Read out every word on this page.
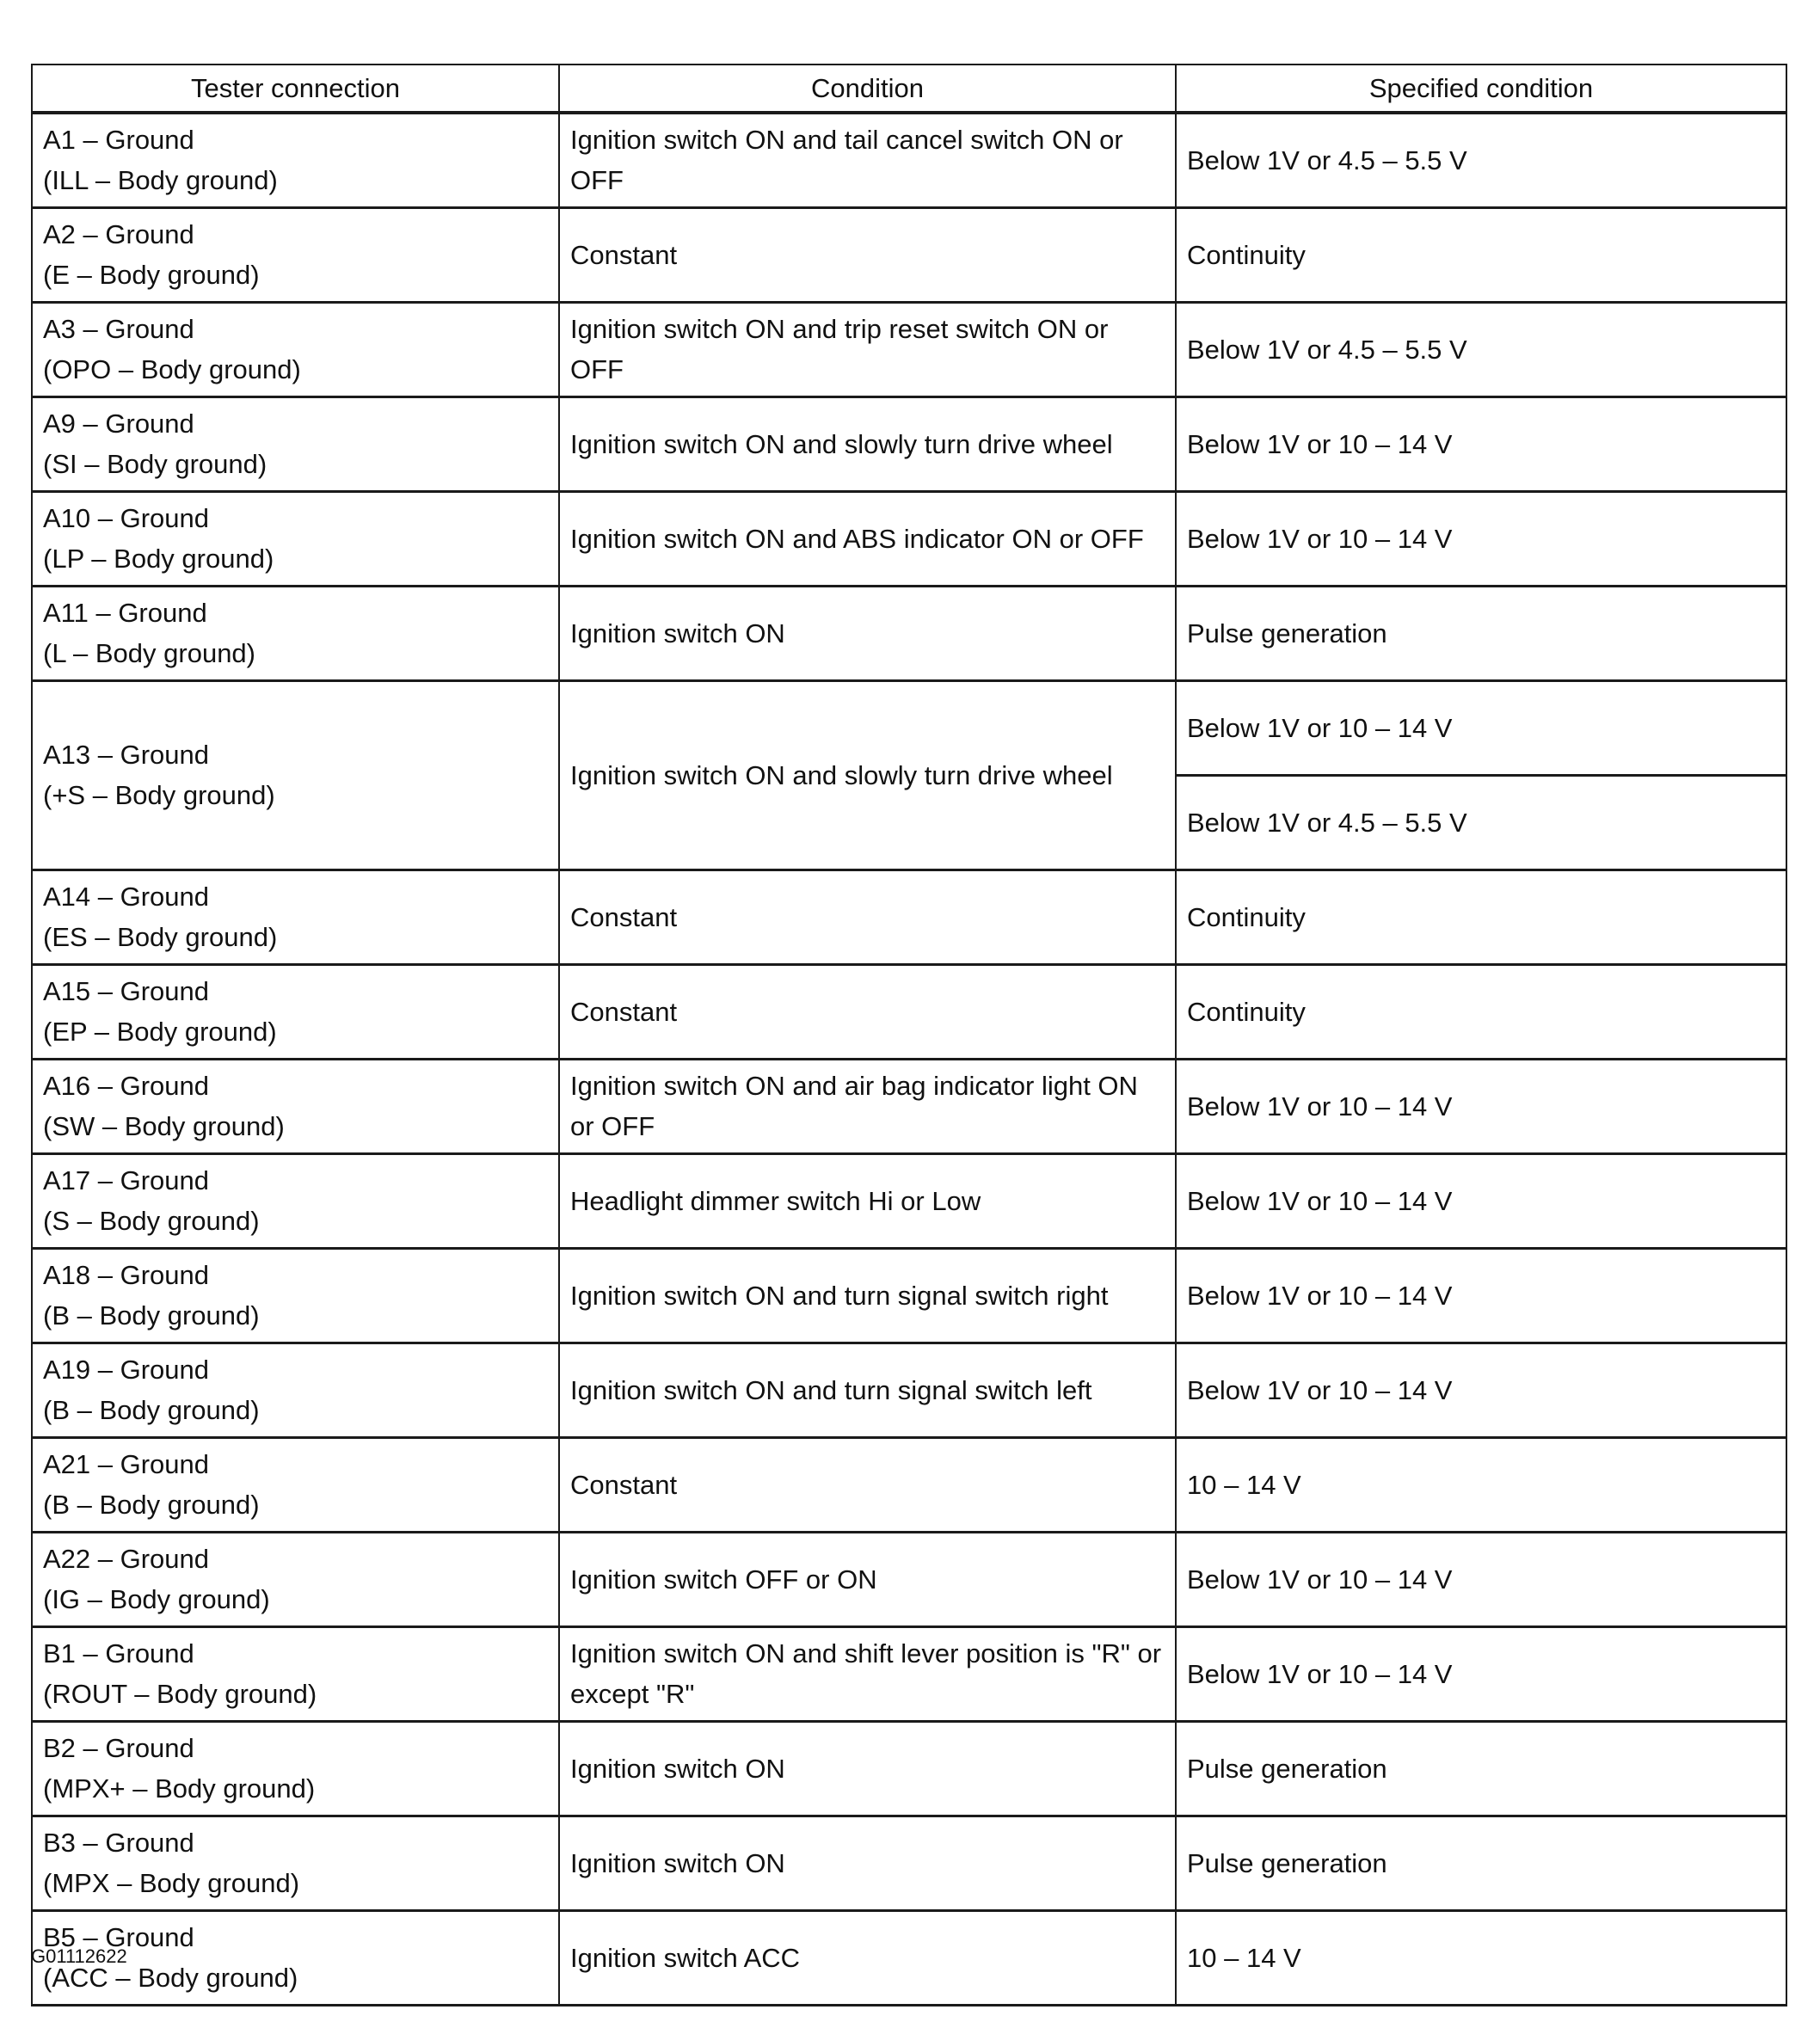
Tester connection	Condition	Specified condition

A1 – Ground
(ILL – Body ground)	Ignition switch ON and tail cancel switch ON or OFF	Below 1V or 4.5 – 5.5 V

A2 – Ground
(E – Body ground)	Constant	Continuity

A3 – Ground
(OPO – Body ground)	Ignition switch ON and trip reset switch ON or OFF	Below 1V or 4.5 – 5.5 V

A9 – Ground
(SI – Body ground)	Ignition switch ON and slowly turn drive wheel	Below 1V or 10 – 14 V

A10 – Ground
(LP – Body ground)	Ignition switch ON and ABS indicator ON or OFF	Below 1V or 10 – 14 V

A11 – Ground
(L – Body ground)	Ignition switch ON	Pulse generation

A13 – Ground
(+S – Body ground)	Ignition switch ON and slowly turn drive wheel	Below 1V or 10 – 14 V
		Below 1V or 4.5 – 5.5 V

A14 – Ground
(ES – Body ground)	Constant	Continuity

A15 – Ground
(EP – Body ground)	Constant	Continuity

A16 – Ground
(SW – Body ground)	Ignition switch ON and air bag indicator light ON or OFF	Below 1V or 10 – 14 V

A17 – Ground
(S – Body ground)	Headlight dimmer switch Hi or Low	Below 1V or 10 – 14 V

A18 – Ground
(B – Body ground)	Ignition switch ON and turn signal switch right	Below 1V or 10 – 14 V

A19 – Ground
(B – Body ground)	Ignition switch ON and turn signal switch left	Below 1V or 10 – 14 V

A21 – Ground
(B – Body ground)	Constant	10 – 14 V

A22 – Ground
(IG – Body ground)	Ignition switch OFF or ON	Below 1V or 10 – 14 V

B1 – Ground
(ROUT – Body ground)	Ignition switch ON and shift lever position is "R" or except "R"	Below 1V or 10 – 14 V

B2 – Ground
(MPX+ – Body ground)	Ignition switch ON	Pulse generation

B3 – Ground
(MPX – Body ground)	Ignition switch ON	Pulse generation

B5 – Ground
(ACC – Body ground)	Ignition switch ACC	10 – 14 V
G01112622
